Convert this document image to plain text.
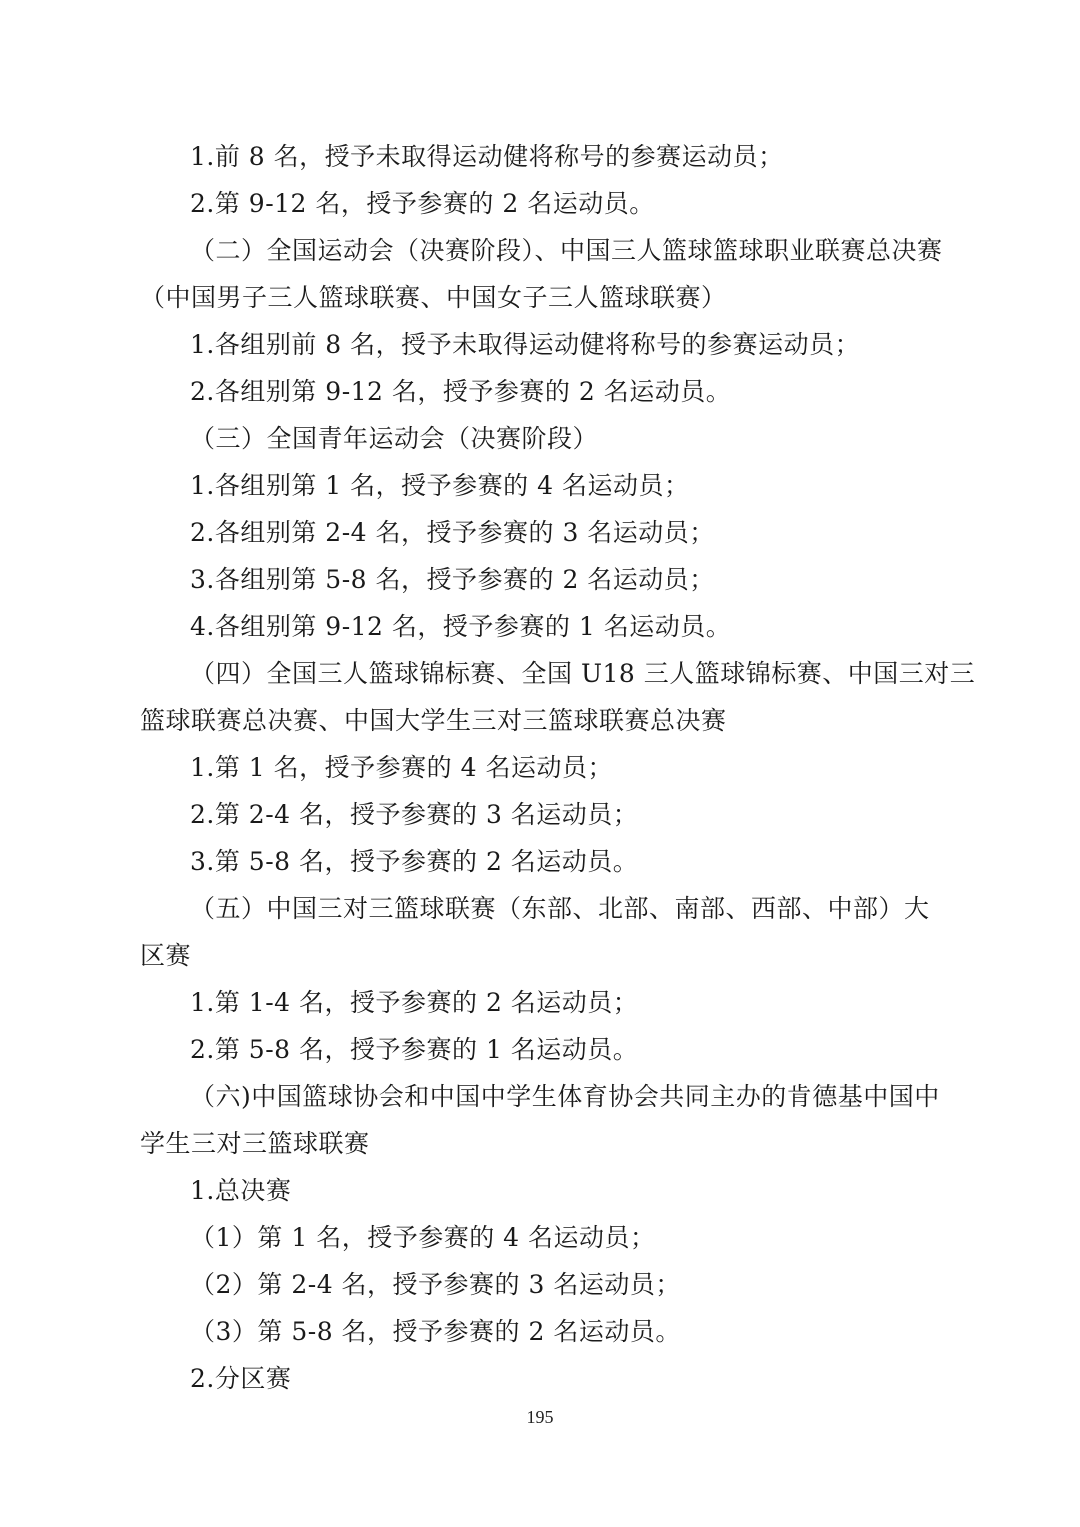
1.前 8 名，授予未取得运动健将称号的参赛运动员；
2.第 9-12 名，授予参赛的 2 名运动员。
（二）全国运动会（决赛阶段）、中国三人篮球篮球职业联赛总决赛
（中国男子三人篮球联赛、中国女子三人篮球联赛）
1.各组别前 8 名，授予未取得运动健将称号的参赛运动员；
2.各组别第 9-12 名，授予参赛的 2 名运动员。
（三）全国青年运动会（决赛阶段）
1.各组别第 1 名，授予参赛的 4 名运动员；
2.各组别第 2-4 名，授予参赛的 3 名运动员；
3.各组别第 5-8 名，授予参赛的 2 名运动员；
4.各组别第 9-12 名，授予参赛的 1 名运动员。
（四）全国三人篮球锦标赛、全国 U18 三人篮球锦标赛、中国三对三
篮球联赛总决赛、中国大学生三对三篮球联赛总决赛
1.第 1 名，授予参赛的 4 名运动员；
2.第 2-4 名，授予参赛的 3 名运动员；
3.第 5-8 名，授予参赛的 2 名运动员。
（五）中国三对三篮球联赛（东部、北部、南部、西部、中部）大
区赛
1.第 1-4 名，授予参赛的 2 名运动员；
2.第 5-8 名，授予参赛的 1 名运动员。
（六)中国篮球协会和中国中学生体育协会共同主办的肯德基中国中
学生三对三篮球联赛
1.总决赛
（1）第 1 名，授予参赛的 4 名运动员；
（2）第 2-4 名，授予参赛的 3 名运动员；
（3）第 5-8 名，授予参赛的 2 名运动员。
2.分区赛
195
